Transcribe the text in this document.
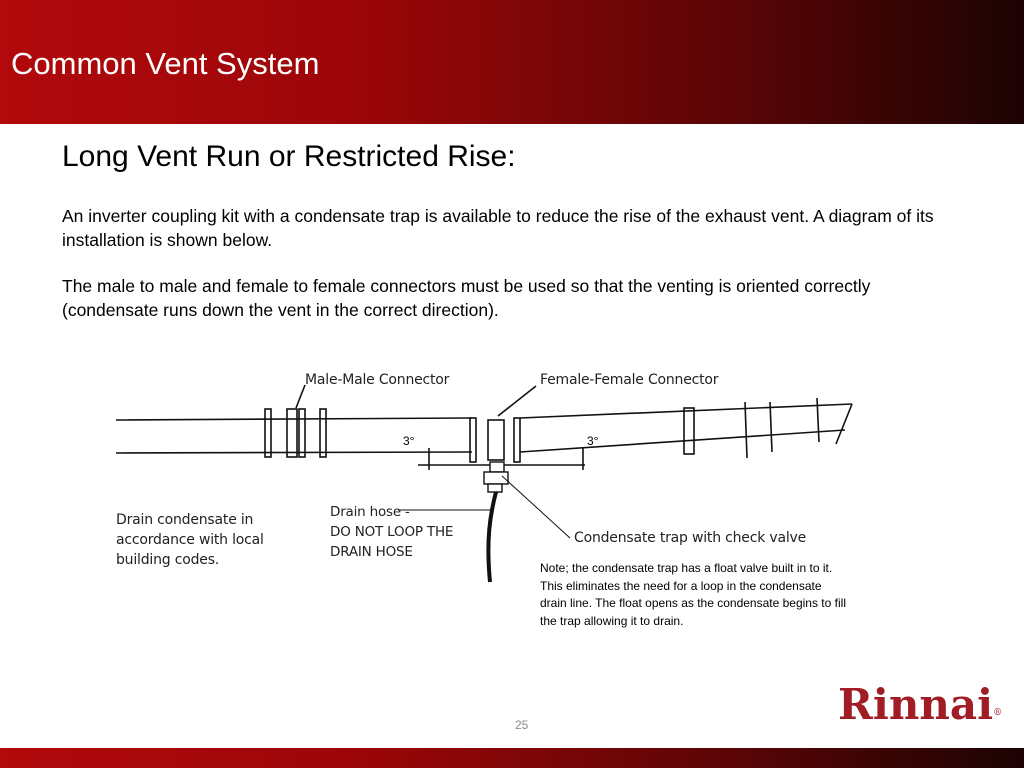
Common Vent System
Long Vent Run or Restricted Rise:
An inverter coupling kit with a condensate trap is available to reduce the rise of the exhaust vent. A diagram of its installation is shown below.
The male to male and female to female connectors must be used so that the venting is oriented correctly (condensate runs down the vent in the correct direction).
Male-Male Connector	Female-Female Connector
3°	3°
Drain condensate in accordance with local building codes.
Drain hose -
DO NOT LOOP THE DRAIN HOSE
Condensate trap with check valve
Note; the condensate trap has a float valve built in to it. This eliminates the need for a loop in the condensate drain line. The float opens as the condensate begins to fill the trap allowing it to drain.
Rinnai®
25
